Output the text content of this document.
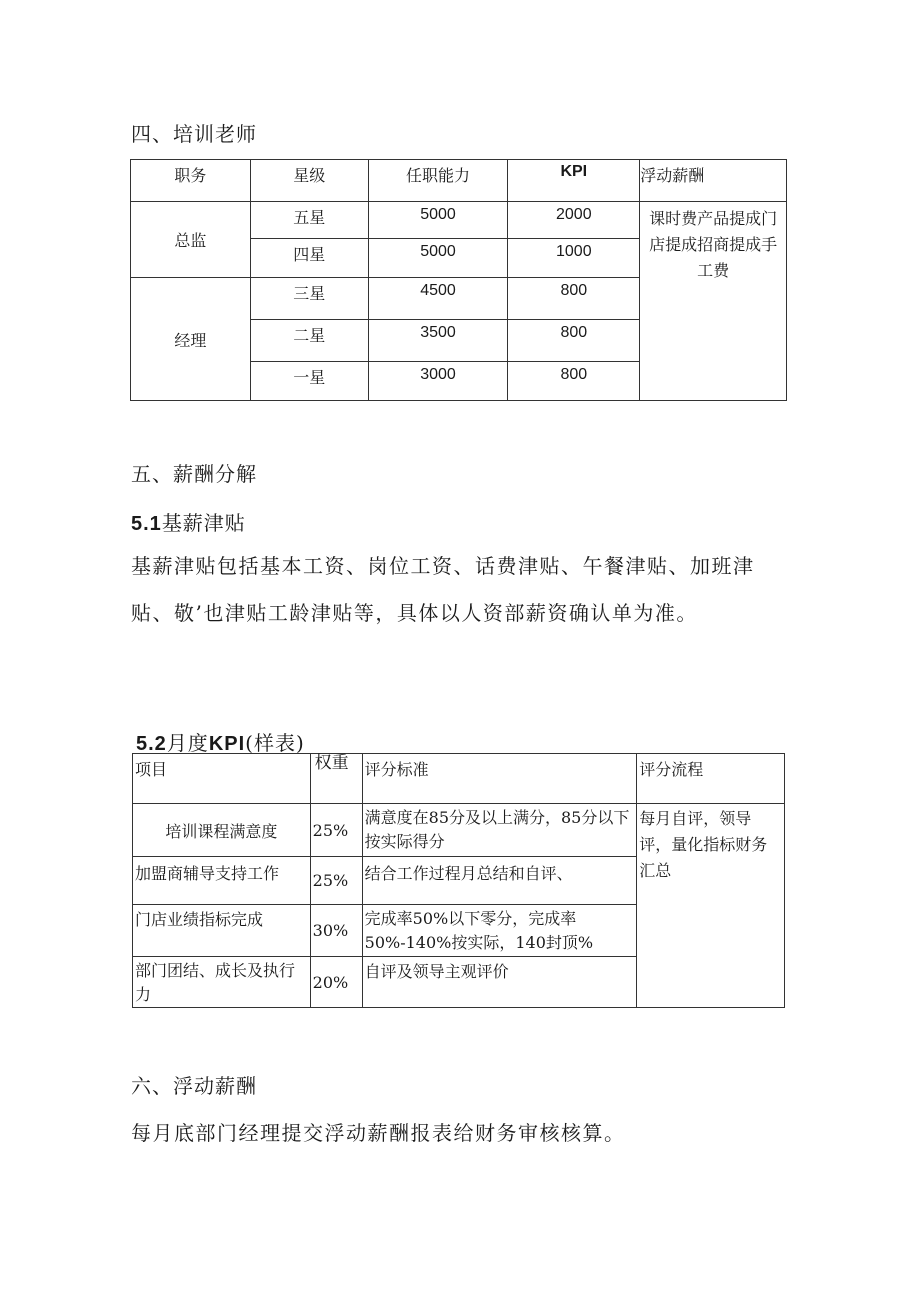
四、培训老师
职务	星级	任职能力	KPI	浮动薪酬
总监	五星	5000	2000	课时费产品提成门店提成招商提成手工费
	四星	5000	1000	
经理	三星	4500	800	
	二星	3500	800	
	一星	3000	800	
五、薪酬分解
5.1基薪津贴
基薪津贴包括基本工资、岗位工资、话费津贴、午餐津贴、加班津
贴、敬’也津贴工龄津贴等，具体以人资部薪资确认单为准。
5.2月度KPI(样表)
项目	权重	评分标准	评分流程
培训课程满意度	25%	满意度在85分及以上满分，85分以下按实际得分	每月自评，领导评，量化指标财务汇总
加盟商辅导支持工作	25%	结合工作过程月总结和自评、	
门店业绩指标完成	30%	完成率50%以下零分，完成率50%-140%按实际，140封顶%	
部门团结、成长及执行力	20%	自评及领导主观评价	
六、浮动薪酬
每月底部门经理提交浮动薪酬报表给财务审核核算。
